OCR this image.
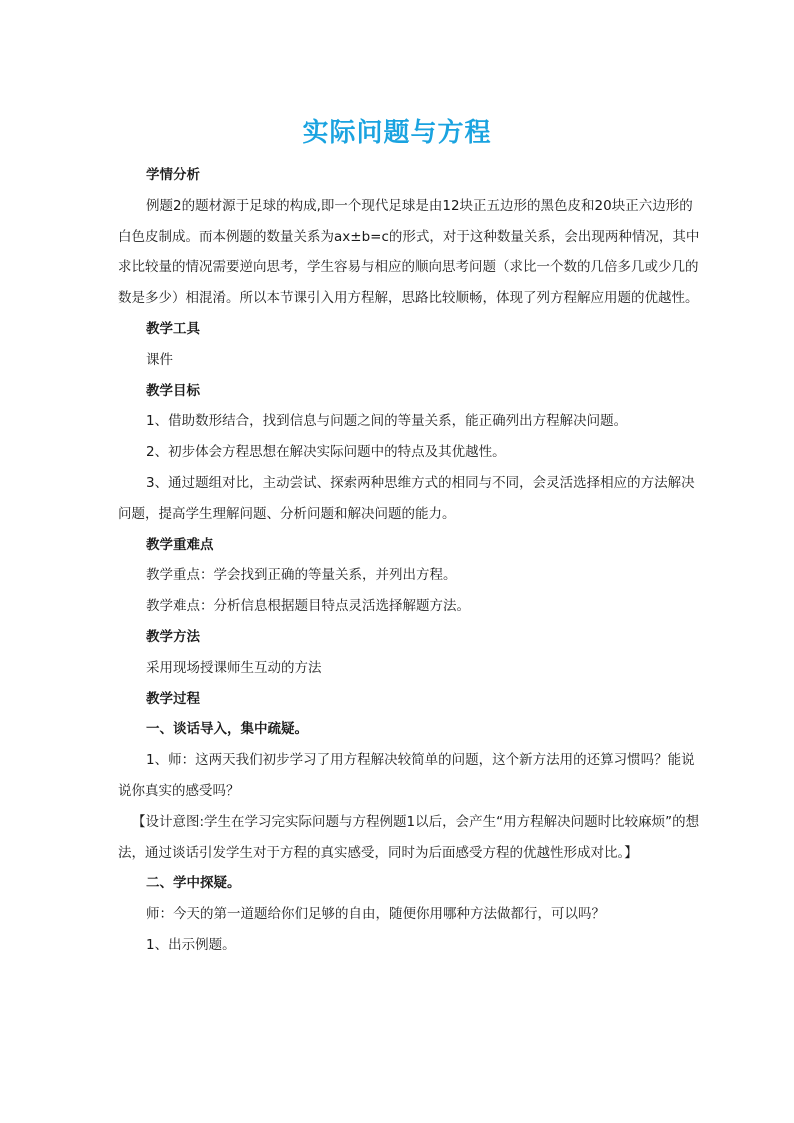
实际问题与方程

学情分析

例题2的题材源于足球的构成,即一个现代足球是由12块正五边形的黑色皮和20块正六边形的白色皮制成。而本例题的数量关系为ax±b=c的形式，对于这种数量关系，会出现两种情况，其中求比较量的情况需要逆向思考，学生容易与相应的顺向思考问题（求比一个数的几倍多几或少几的数是多少）相混淆。所以本节课引入用方程解，思路比较顺畅，体现了列方程解应用题的优越性。

教学工具

课件

教学目标

1、借助数形结合，找到信息与问题之间的等量关系，能正确列出方程解决问题。

2、初步体会方程思想在解决实际问题中的特点及其优越性。

3、通过题组对比，主动尝试、探索两种思维方式的相同与不同，会灵活选择相应的方法解决问题，提高学生理解问题、分析问题和解决问题的能力。

教学重难点

教学重点：学会找到正确的等量关系，并列出方程。

教学难点：分析信息根据题目特点灵活选择解题方法。

教学方法

采用现场授课师生互动的方法

教学过程

一、谈话导入，集中疏疑。

1、师：这两天我们初步学习了用方程解决较简单的问题，这个新方法用的还算习惯吗？能说说你真实的感受吗？

【设计意图:学生在学习完实际问题与方程例题1以后，会产生“用方程解决问题时比较麻烦”的想法，通过谈话引发学生对于方程的真实感受，同时为后面感受方程的优越性形成对比。】

二、学中探疑。

师：今天的第一道题给你们足够的自由，随便你用哪种方法做都行，可以吗？

1、出示例题。
